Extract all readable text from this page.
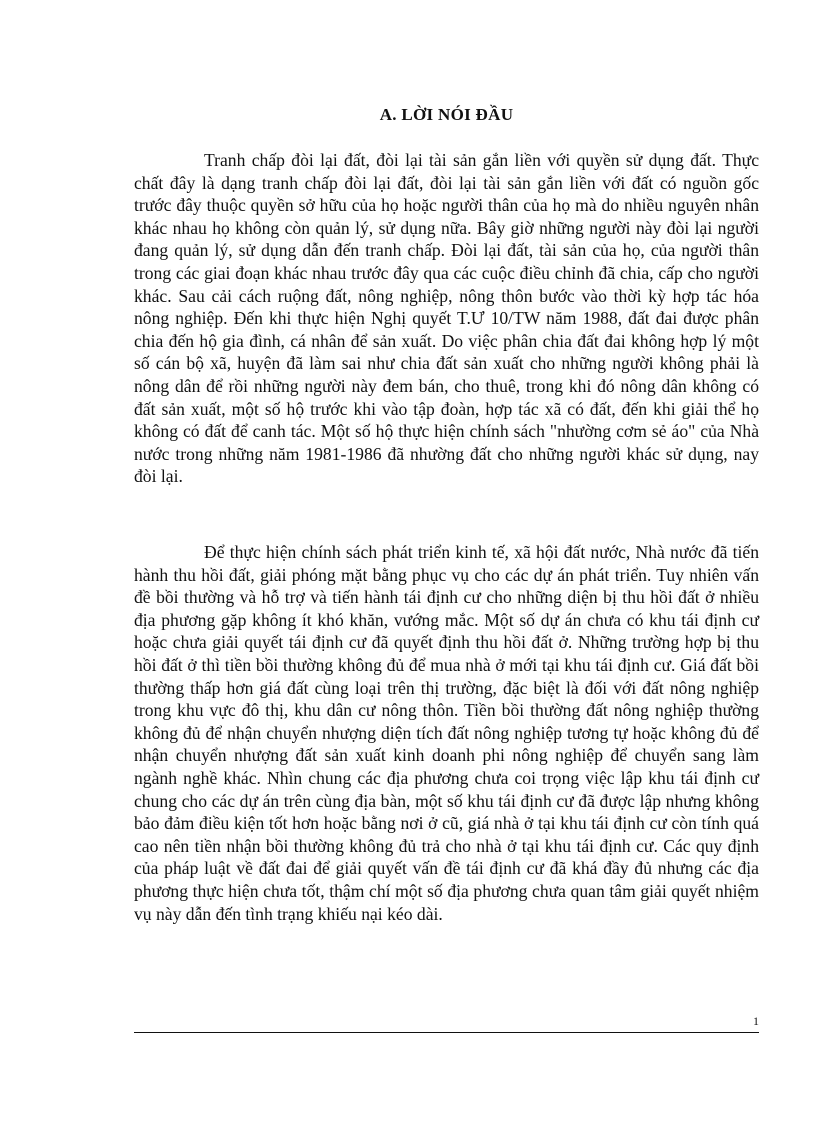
A. LỜI NÓI ĐẦU

Tranh chấp đòi lại đất, đòi lại tài sản gắn liền với quyền sử dụng đất. Thực chất đây là dạng tranh chấp đòi lại đất, đòi lại tài sản gắn liền với đất có nguồn gốc trước đây thuộc quyền sở hữu của họ hoặc người thân của họ mà do nhiều nguyên nhân khác nhau họ không còn quản lý, sử dụng nữa. Bây giờ những người này đòi lại người đang quản lý, sử dụng dẫn đến tranh chấp. Đòi lại đất, tài sản của họ, của người thân trong các giai đoạn khác nhau trước đây qua các cuộc điều chỉnh đã chia, cấp cho người khác. Sau cải cách ruộng đất, nông nghiệp, nông thôn bước vào thời kỳ hợp tác hóa nông nghiệp. Đến khi thực hiện Nghị quyết T.Ư 10/TW năm 1988, đất đai được phân chia đến hộ gia đình, cá nhân để sản xuất. Do việc phân chia đất đai không hợp lý một số cán bộ xã, huyện đã làm sai như chia đất sản xuất cho những người không phải là nông dân để rồi những người này đem bán, cho thuê, trong khi đó nông dân không có đất sản xuất, một số hộ trước khi vào tập đoàn, hợp tác xã có đất, đến khi giải thể họ không có đất để canh tác. Một số hộ thực hiện chính sách "nhường cơm sẻ áo" của Nhà nước trong những năm 1981-1986 đã nhường đất cho những người khác sử dụng, nay đòi lại.

Để thực hiện chính sách phát triển kinh tế, xã hội đất nước, Nhà nước đã tiến hành thu hồi đất, giải phóng mặt bằng phục vụ cho các dự án phát triển. Tuy nhiên vấn đề bồi thường và hỗ trợ và tiến hành tái định cư cho những diện bị thu hồi đất ở nhiều địa phương gặp không ít khó khăn, vướng mắc. Một số dự án chưa có khu tái định cư hoặc chưa giải quyết tái định cư đã quyết định thu hồi đất ở. Những trường hợp bị thu hồi đất ở thì tiền bồi thường không đủ để mua nhà ở mới tại khu tái định cư. Giá đất bồi thường thấp hơn giá đất cùng loại trên thị trường, đặc biệt là đối với đất nông nghiệp trong khu vực đô thị, khu dân cư nông thôn. Tiền bồi thường đất nông nghiệp thường không đủ để nhận chuyển nhượng diện tích đất nông nghiệp tương tự hoặc không đủ để nhận chuyển nhượng đất sản xuất kinh doanh phi nông nghiệp để chuyển sang làm ngành nghề khác. Nhìn chung các địa phương chưa coi trọng việc lập khu tái định cư chung cho các dự án trên cùng địa bàn, một số khu tái định cư đã được lập nhưng không bảo đảm điều kiện tốt hơn hoặc bằng nơi ở cũ, giá nhà ở tại khu tái định cư còn tính quá cao nên tiền nhận bồi thường không đủ trả cho nhà ở tại khu tái định cư. Các quy định của pháp luật về đất đai để giải quyết vấn đề tái định cư đã khá đầy đủ nhưng các địa phương thực hiện chưa tốt, thậm chí một số địa phương chưa quan tâm giải quyết nhiệm vụ này dẫn đến tình trạng khiếu nại kéo dài.

1
